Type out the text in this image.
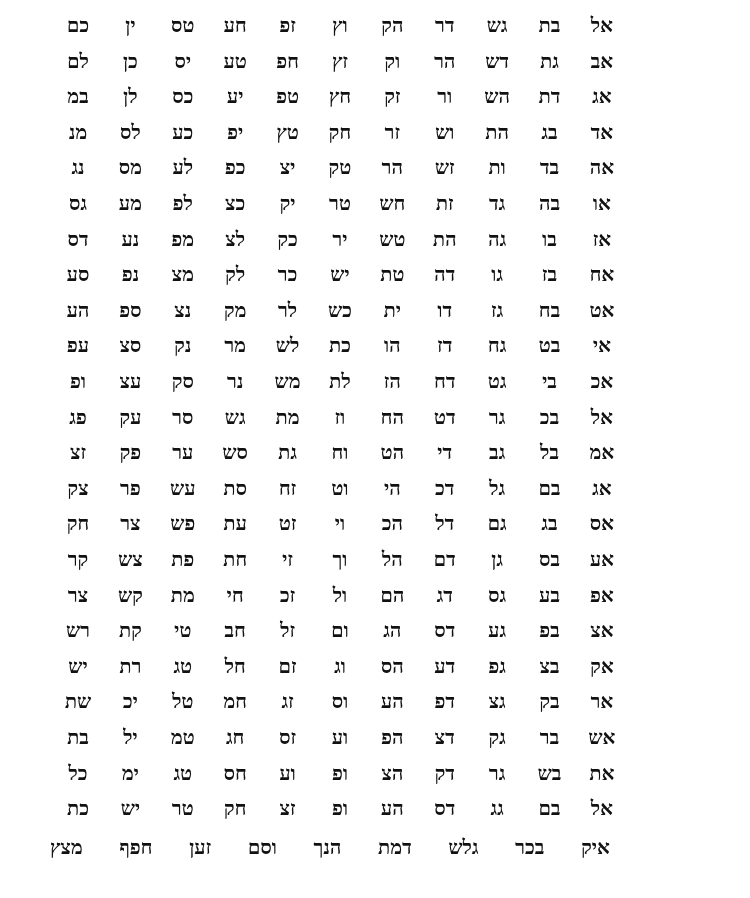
אל
בת
גש
דר
הק
וץ
זפ
חע
טס
ין
כם
אב
גת
דש
הר
וק
זץ
חפ
טע
יס
כן
לם
אג
דת
הש
ור
זק
חץ
טפ
יע
כס
לן
במ
אד
בג
הת
וש
זר
חק
טץ
יפ
כע
לס
מנ
אה
בד
ות
זש
הר
טק
יצ
כפ
לע
מס
נג
או
בה
גד
זת
חש
טר
יק
כצ
לפ
מע
גס
אז
בו
גה
הת
טש
יר
כק
לצ
מפ
נע
דס
אח
בז
גו
דה
טת
יש
כר
לק
מצ
נפ
סע
אט
בח
גז
דו
ית
כש
לר
מק
נצ
ספ
הע
אי
בט
גח
דז
הו
כת
לש
מר
נק
סצ
עפ
אכ
בי
גט
דח
הז
לת
מש
נר
סק
עצ
ופ
אל
בכ
גר
דט
הח
וז
מת
גש
סר
עק
פג
אמ
בל
גב
די
הט
וח
גת
סש
ער
פק
זצ
אג
בם
גל
דכ
הי
וט
זח
סת
עש
פר
צק
אס
בג
גם
דל
הכ
וי
זט
עת
פש
צר
חק
אע
בס
גן
דם
הל
וך
זי
חת
פת
צש
קר
אפ
בע
גס
דג
הם
ול
זכ
חי
מת
קש
צר
אצ
בפ
גע
דס
הג
ום
זל
חב
טי
קת
רש
אק
בצ
גפ
דע
הס
וג
זם
חל
טג
רת
יש
אר
בק
גצ
דפ
הע
וס
זג
חמ
טל
יכ
שת
אש
בר
גק
דצ
הפ
וע
זס
חג
טמ
יל
בת
את
בש
גר
דק
הצ
ופ
וע
חס
טג
ימ
כל
אל
בם
גג
דס
הע
ופ
זצ
חק
טר
יש
כת
איק
בכר
גלש
דמת
הנך
וסם
זען
חפף
מצץ
